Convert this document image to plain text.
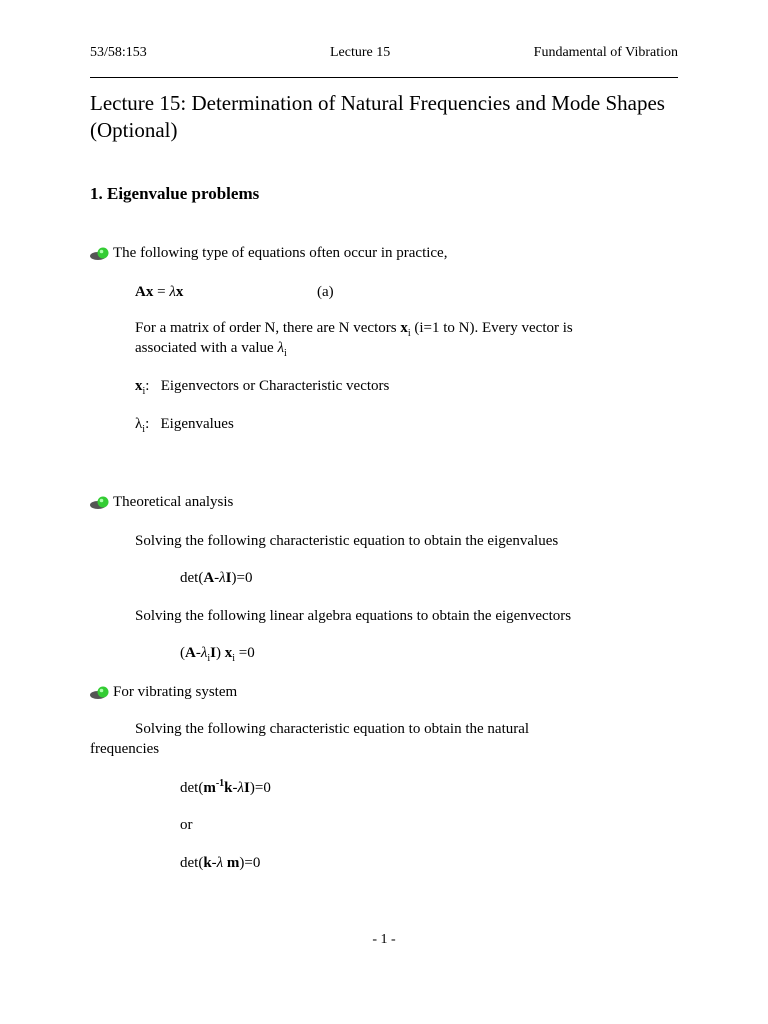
53/58:153	Lecture 15	Fundamental of Vibration
Lecture 15: Determination of Natural Frequencies and Mode Shapes (Optional)
1. Eigenvalue problems
The following type of equations often occur in practice,
Ax = λx	(a)
For a matrix of order N, there are N vectors $x_i$ (i=1 to N). Every vector is
associated with a value $\lambda_i$
$x_i$:   Eigenvectors or Characteristic vectors
$\lambda_i$:   Eigenvalues
Theoretical analysis
Solving the following characteristic equation to obtain the eigenvalues
det(A-λI)=0
Solving the following linear algebra equations to obtain the eigenvectors
$(A-\lambda_iI)$ $x_i =0$
For vibrating system
Solving the following characteristic equation to obtain the natural
frequencies
$\det(m^{-1}k-\lambda I)=0$
or
det(k-λ m)=0
- 1 -
